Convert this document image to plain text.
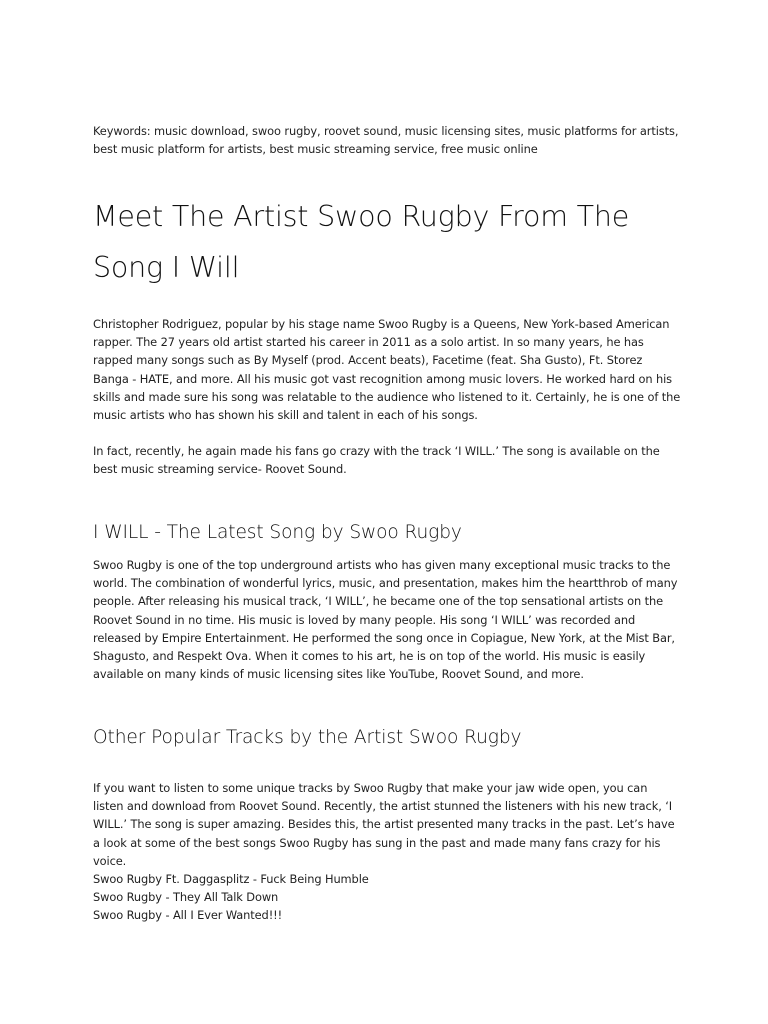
Keywords: music download, swoo rugby, roovet sound, music licensing sites, music platforms for artists, best music platform for artists, best music streaming service, free music online

Meet The Artist Swoo Rugby From The Song I Will

Christopher Rodriguez, popular by his stage name Swoo Rugby is a Queens, New York-based American rapper. The 27 years old artist started his career in 2011 as a solo artist. In so many years, he has rapped many songs such as By Myself (prod. Accent beats), Facetime (feat. Sha Gusto), Ft. Storez Banga - HATE, and more. All his music got vast recognition among music lovers. He worked hard on his skills and made sure his song was relatable to the audience who listened to it. Certainly, he is one of the music artists who has shown his skill and talent in each of his songs.

In fact, recently, he again made his fans go crazy with the track ‘I WILL.’ The song is available on the best music streaming service- Roovet Sound.

I WILL - The Latest Song by Swoo Rugby

Swoo Rugby is one of the top underground artists who has given many exceptional music tracks to the world. The combination of wonderful lyrics, music, and presentation, makes him the heartthrob of many people. After releasing his musical track, ‘I WILL’, he became one of the top sensational artists on the Roovet Sound in no time. His music is loved by many people. His song ‘I WILL’ was recorded and released by Empire Entertainment. He performed the song once in Copiague, New York, at the Mist Bar, Shagusto, and Respekt Ova. When it comes to his art, he is on top of the world. His music is easily available on many kinds of music licensing sites like YouTube, Roovet Sound, and more.

Other Popular Tracks by the Artist Swoo Rugby

If you want to listen to some unique tracks by Swoo Rugby that make your jaw wide open, you can listen and download from Roovet Sound. Recently, the artist stunned the listeners with his new track, ‘I WILL.’ The song is super amazing. Besides this, the artist presented many tracks in the past. Let’s have a look at some of the best songs Swoo Rugby has sung in the past and made many fans crazy for his voice.

Swoo Rugby Ft. Daggasplitz - Fuck Being Humble
Swoo Rugby - They All Talk Down
Swoo Rugby - All I Ever Wanted!!!
